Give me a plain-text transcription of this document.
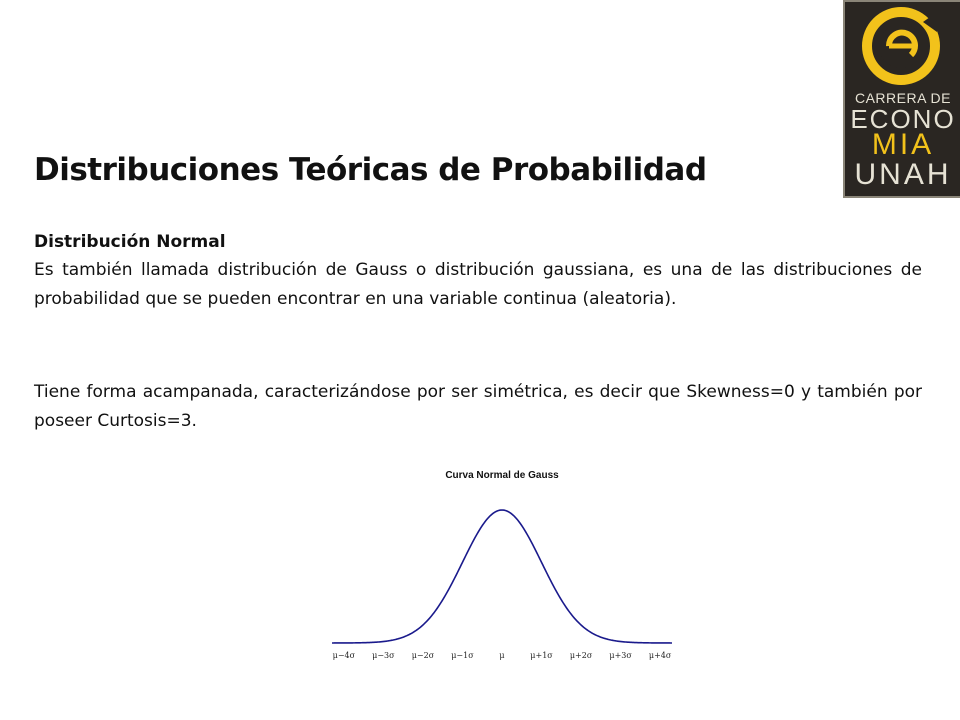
Distribuciones Teóricas de Probabilidad
Distribución Normal
Es también llamada distribución de Gauss o distribución gaussiana, es una de las distribuciones de probabilidad que se pueden encontrar en una variable continua (aleatoria).
Tiene forma acampanada, caracterizándose por ser simétrica, es decir que Skewness=0 y también por poseer Curtosis=3.
CARRERA DE
ECONO
MIA
UNAH
Curva Normal de Gauss
μ−4σ μ−3σ μ−2σ μ−1σ	μ	μ+1σ μ+2σ μ+3σ μ+4σ
